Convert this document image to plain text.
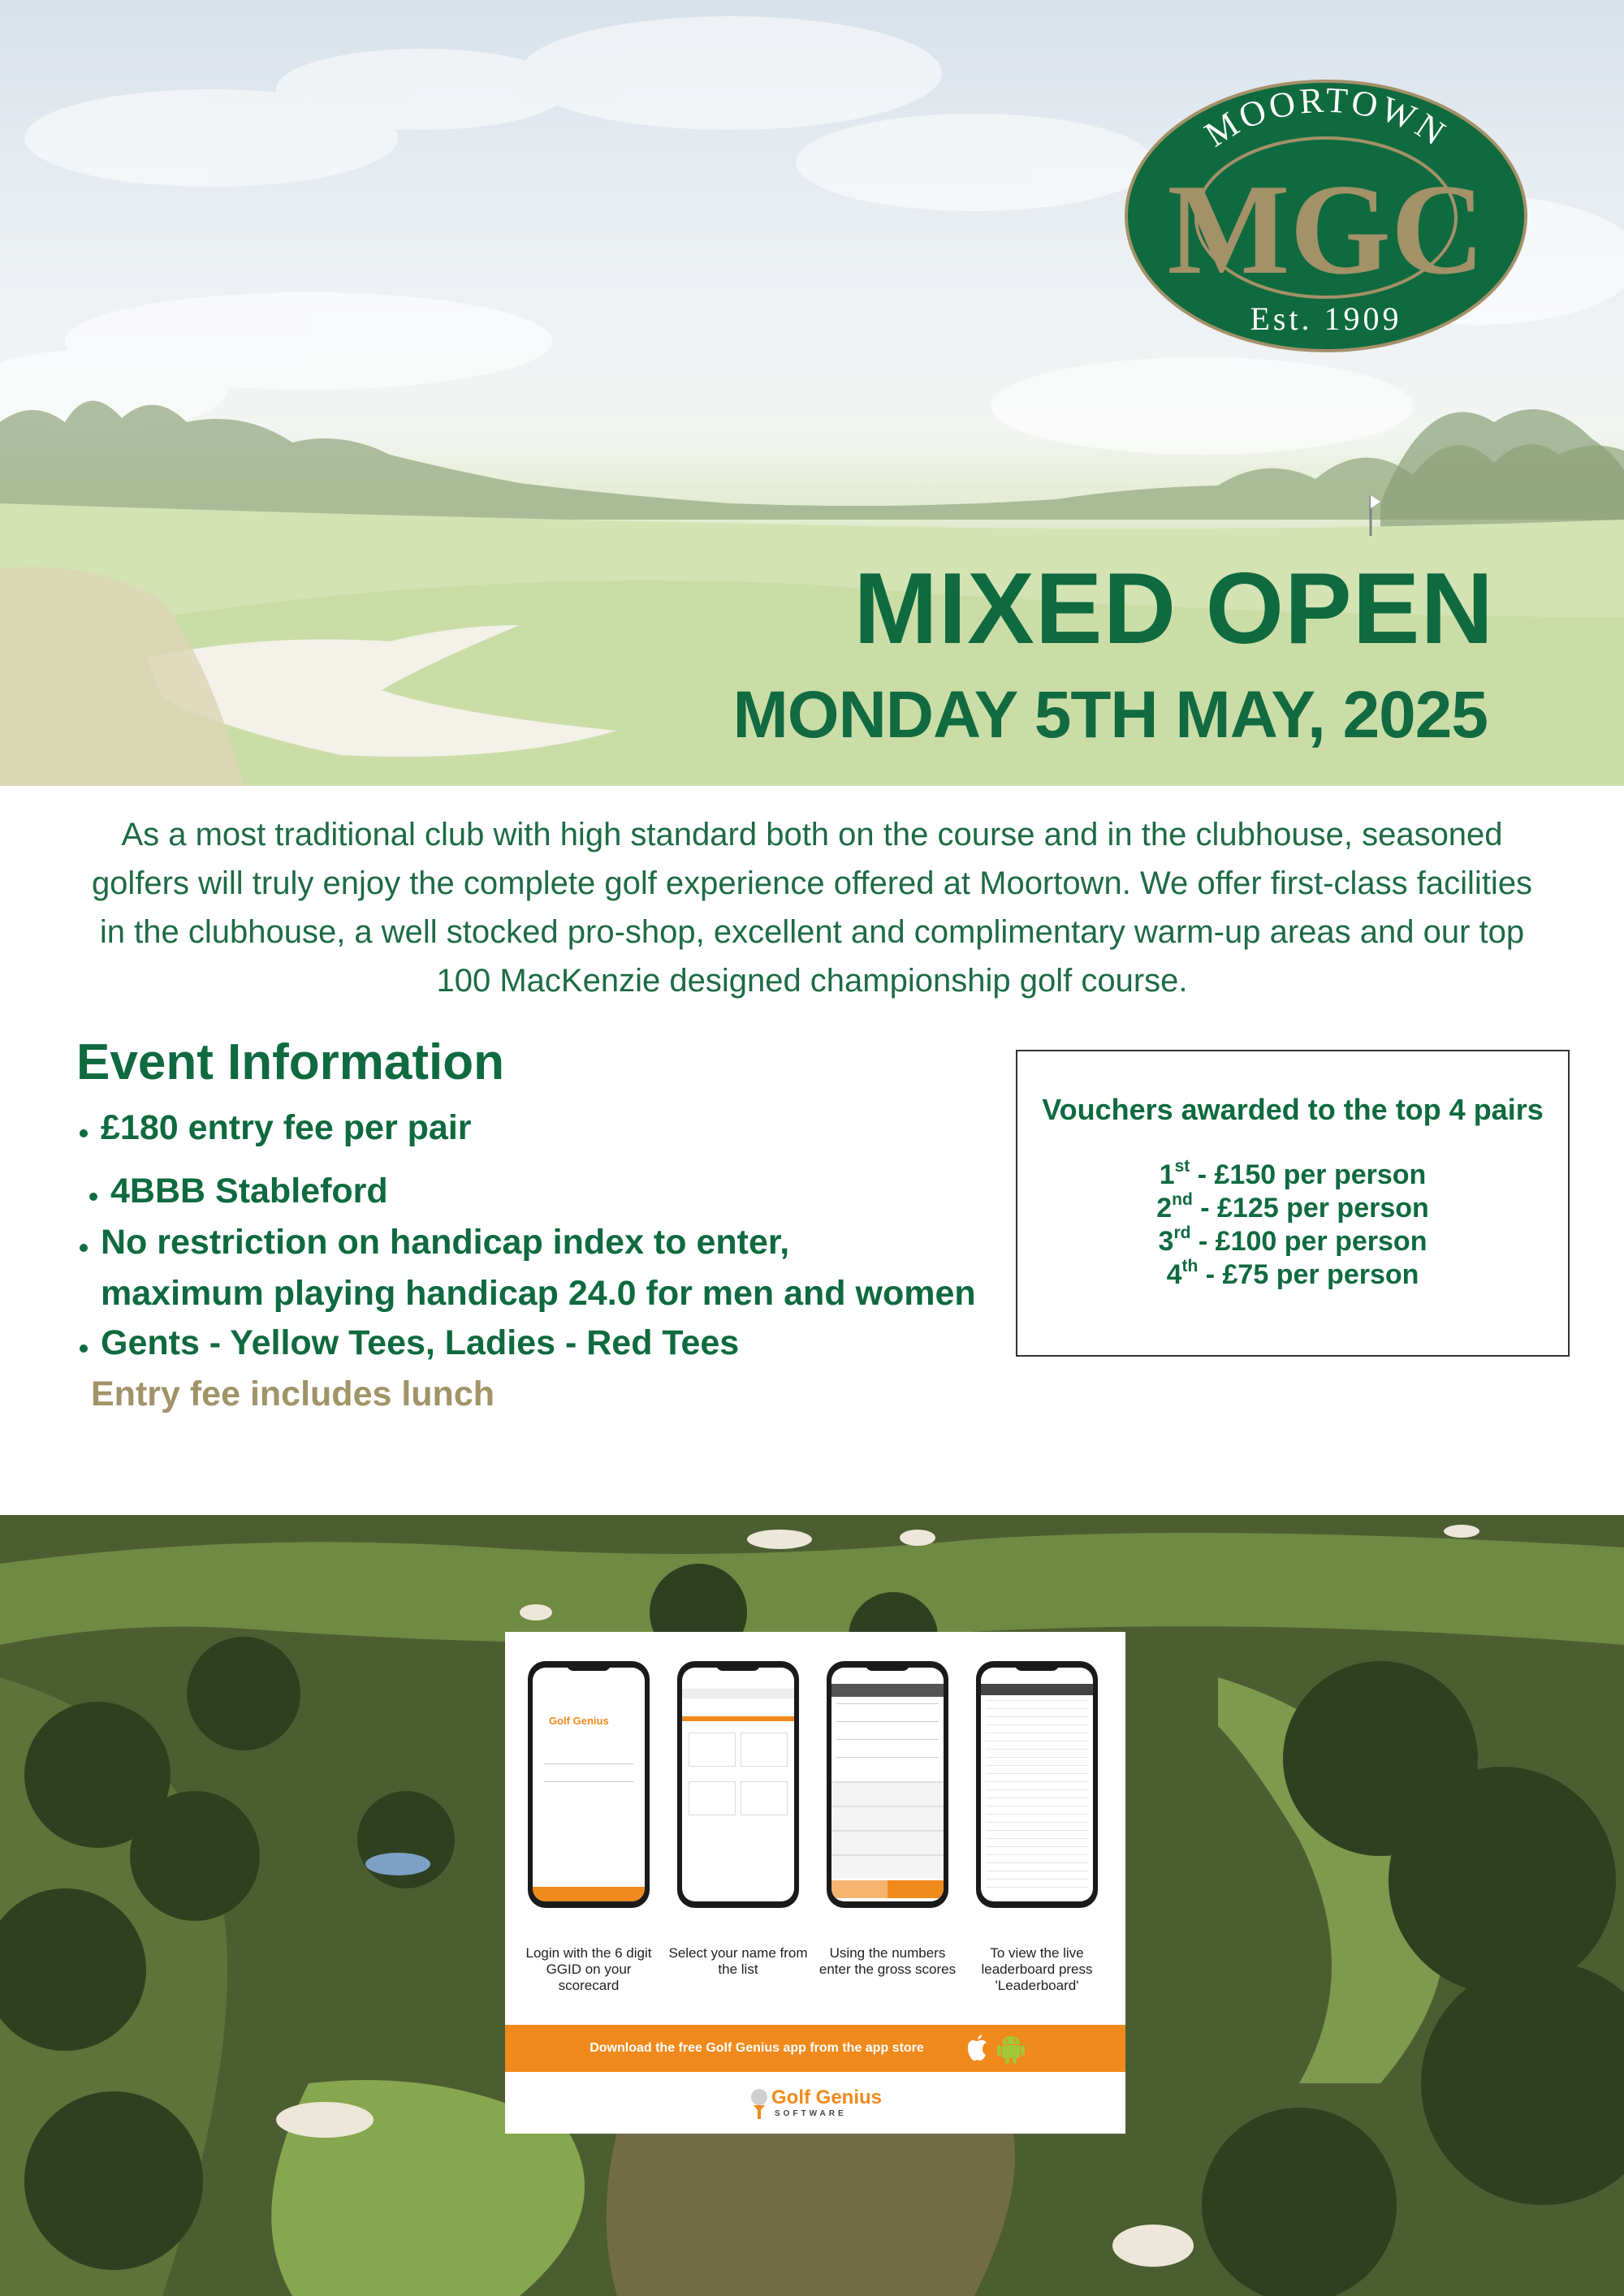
MOORTOWN
MGC
Est. 1909
MIXED OPEN
MONDAY 5TH MAY, 2025

As a most traditional club with high standard both on the course and in the clubhouse, seasoned golfers will truly enjoy the complete golf experience offered at Moortown. We offer first-class facilities in the clubhouse, a well stocked pro-shop, excellent and complimentary warm-up areas and our top 100 MacKenzie designed championship golf course.

Event Information
£180 entry fee per pair
4BBB Stableford
No restriction on handicap index to enter,
maximum playing handicap 24.0 for men and women
Gents - Yellow Tees, Ladies - Red Tees
Entry fee includes lunch
Vouchers awarded to the top 4 pairs
1st - £150 per person
2nd - £125 per person
3rd - £100 per person
4th - £75 per person
Golf Genius
Login with the 6 digit GGID on your scorecard
Select your name from the list
Using the numbers enter the gross scores
To view the live leaderboard press 'Leaderboard'
Download the free Golf Genius app from the app store
Golf Genius
SOFTWARE
